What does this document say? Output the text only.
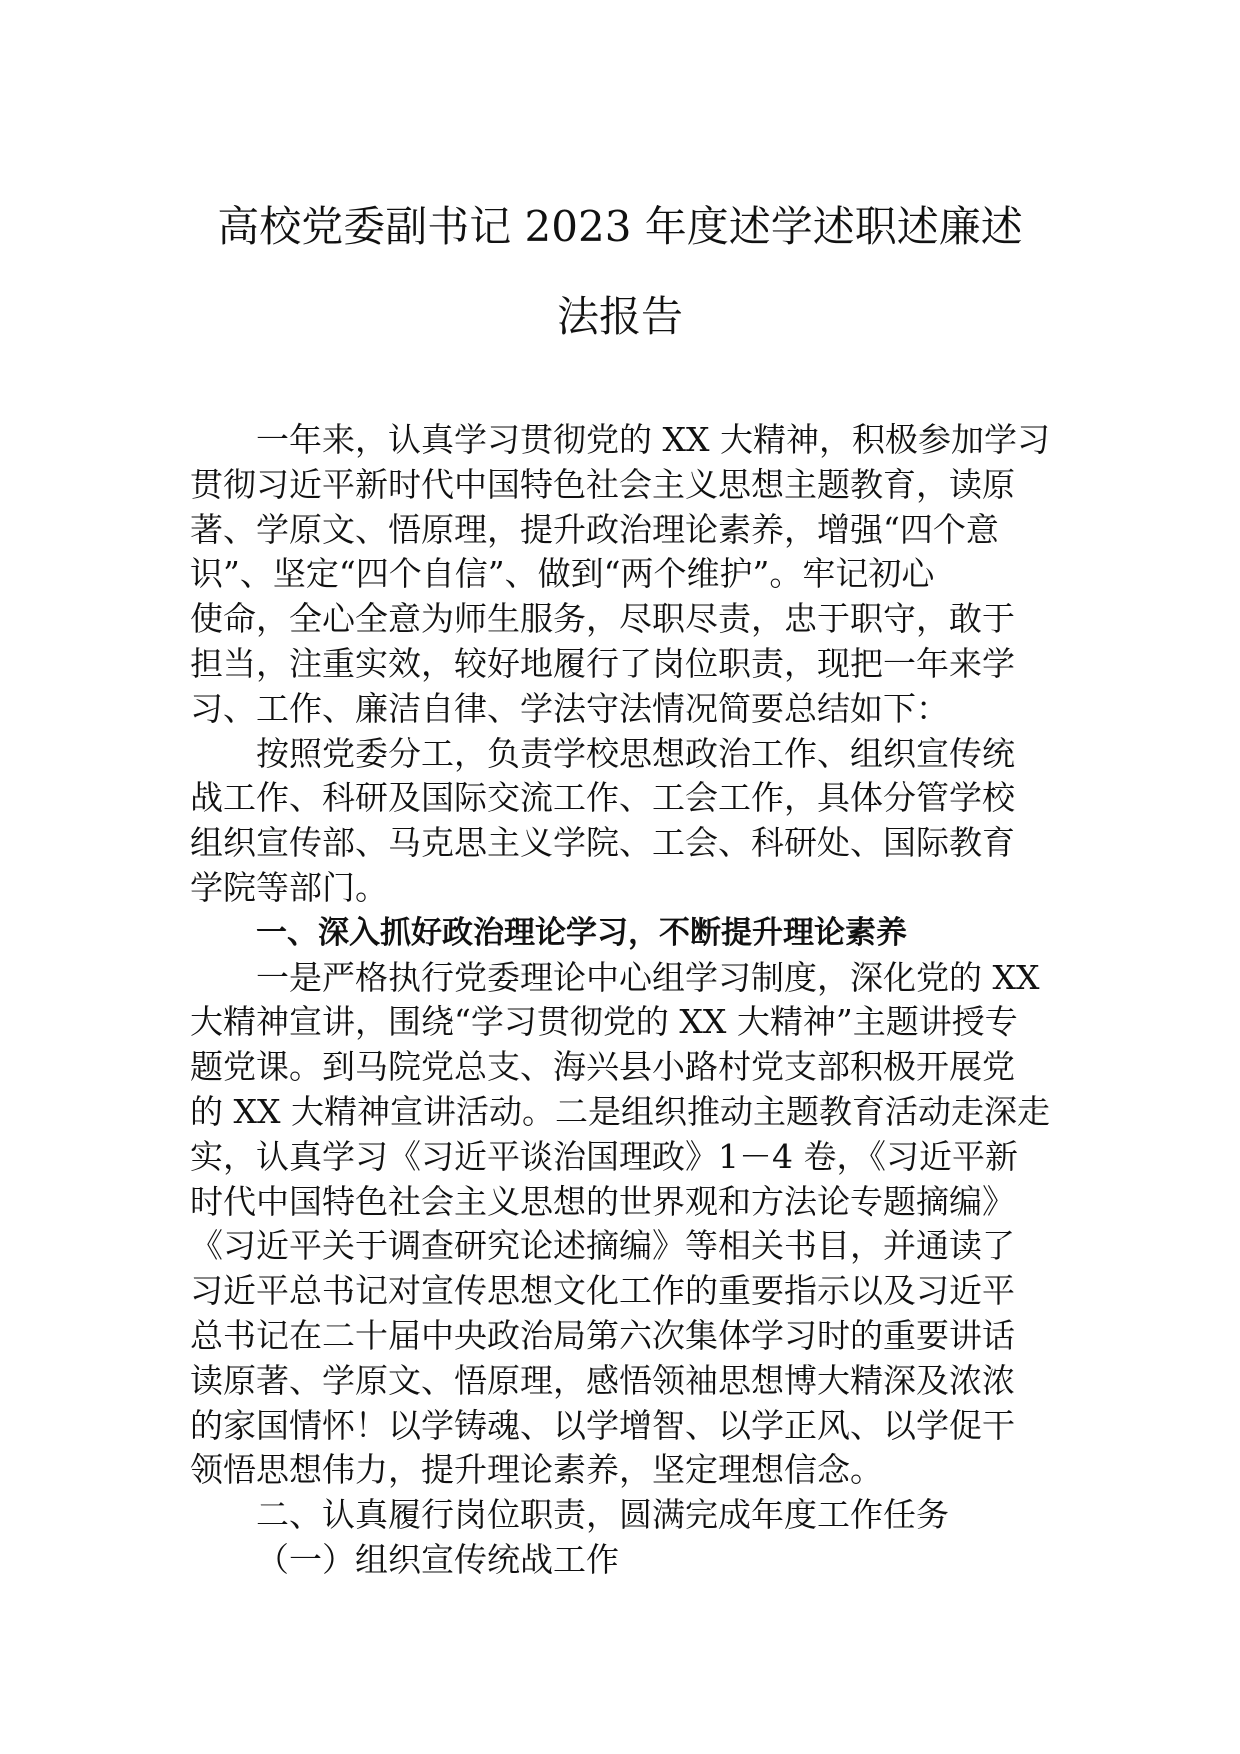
高校党委副书记 2023 年度述学述职述廉述
法报告
一年来，认真学习贯彻党的 XX 大精神，积极参加学习
贯彻习近平新时代中国特色社会主义思想主题教育，读原
著、学原文、悟原理，提升政治理论素养，增强“四个意
识”、坚定“四个自信”、做到“两个维护”。牢记初心
使命，全心全意为师生服务，尽职尽责，忠于职守，敢于
担当，注重实效，较好地履行了岗位职责，现把一年来学
习、工作、廉洁自律、学法守法情况简要总结如下：
按照党委分工，负责学校思想政治工作、组织宣传统
战工作、科研及国际交流工作、工会工作，具体分管学校
组织宣传部、马克思主义学院、工会、科研处、国际教育
学院等部门。
一、深入抓好政治理论学习，不断提升理论素养
一是严格执行党委理论中心组学习制度，深化党的 XX
大精神宣讲，围绕“学习贯彻党的 XX 大精神”主题讲授专
题党课。到马院党总支、海兴县小路村党支部积极开展党
的 XX 大精神宣讲活动。二是组织推动主题教育活动走深走
实，认真学习《习近平谈治国理政》1－4 卷，《习近平新
时代中国特色社会主义思想的世界观和方法论专题摘编》
《习近平关于调查研究论述摘编》等相关书目，并通读了
习近平总书记对宣传思想文化工作的重要指示以及习近平
总书记在二十届中央政治局第六次集体学习时的重要讲话
读原著、学原文、悟原理，感悟领袖思想博大精深及浓浓
的家国情怀！以学铸魂、以学增智、以学正风、以学促干
领悟思想伟力，提升理论素养，坚定理想信念。
二、认真履行岗位职责，圆满完成年度工作任务
（一）组织宣传统战工作
